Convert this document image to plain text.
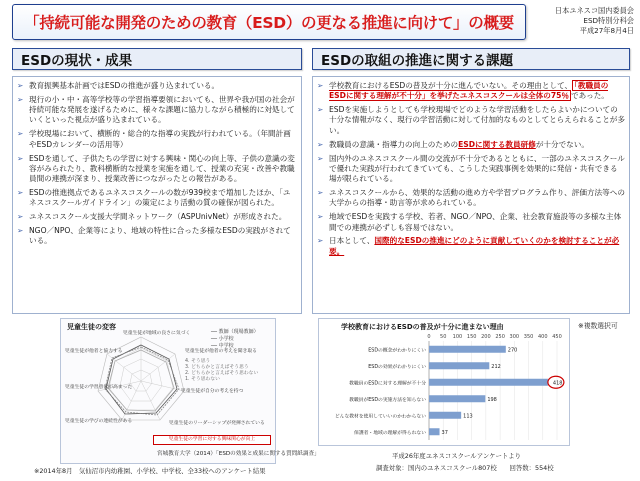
「持続可能な開発のための教育（ESD）の更なる推進に向けて」の概要
日本ユネスコ国内委員会
ESD特別分科会
平成27年8月4日
ESDの現状・成果
➢ 教育振興基本計画ではESDの推進が盛り込まれている。
➢ 現行の小・中・高等学校等の学習指導要領においても、世界や我が国の社会が持続可能な発展を遂げるために、様々な課題に協力しながら積極的に対処していくといった視点が盛り込まれている。
➢ 学校現場において、横断的・総合的な指導の実践が行われている。（年間計画やESDカレンダーの活用等）
➢ ESDを通して、子供たちの学習に対する興味・関心の向上等、子供の意識の変容がみられたり、教科横断的な授業を実施を通して、授業の充実・改善や教職員間の連携が深まり、授業改善につながったとの報告がある。
➢ ESDの推進拠点であるユネスコスクールの数が939校まで増加したほか、「ユネスコスクールガイドライン」の策定により活動の質の確保が図られた。
➢ ユネスコスクール支援大学間ネットワーク（ASPUnivNet）が形成された。
➢ NGO／NPO、企業等により、地域の特性に合った多様なESDの実践がされている。
ESDの取組の推進に関する課題
➢ 学校教育におけるESDの普及が十分に進んでいない。その理由として、 「教職員のESDに関する理解が不十分」を挙げたユネスコスクールは全体の75％ であった。
➢ ESDを実施しようとしても学校現場でどのような学習活動をしたらよいかについての十分な情報がなく、現行の学習活動に対して付加的なものとしてとらえられることが多い。
➢ 教職員の意識・指導力の向上のためのESDに関する教員研修が十分でない。
➢ 国内外のユネスコスクール間の交流が不十分であるとともに、一部のユネスコスクールで優れた実践が行われてきていても、こうした実践事例を効果的に発信・共有できる場が限られている。
➢ ユネスコスクールから、効果的な活動の進め方や学習プログラム作り、評価方法等への大学からの指導・助言等が求められている。
➢ 地域でESDを実践する学校、若者、NGO／NPO、企業、社会教育施設等の多様な主体間での連携が必ずしも容易ではない。
➢ 日本として、国際的なESDの推進にどのように貢献していくのかを検討することが必要。
児童生徒の変容
児童生徒が地域の良さに気づく
児童生徒が他者と協力する
児童生徒の学習意欲が高まった
児童生徒の学びの連続性がある
児童生徒が自分の考えを持つ
児童生徒のリーダーシップが発揮されている
児童生徒が他者の考えを聞き取る
4. そう思う
3. どちらかと言えばそう思う
2. どちらかと言えばそう思わない
1. そう思わない
── 教師（現場教師）
── 小学校
── 中学校
児童生徒の学習に対する興味関心が向上
宮城教育大学（2014）「ESDの効果と成果に関する質問紙調査」
※2014年8月　気仙沼市内幼稚園、小学校、中学校、全33校へのアンケート結果
学校教育におけるESDの普及が十分に進まない理由
0 50 100 150 200 250 300 350 400 450
ESDの概念がわかりにくい	270
ESDの効果がわかりにくい	212
教職員のESDに対する理解が不十分	418
教職員がESDの実施方法を知らない	198
どんな教材を使用していいのかわからない	113
保護者・地域の理解が得られない	37
※複数選択可
平成26年度ユネスコスクールアンケートより
調査対象：国内のユネスコスクール807校　　回答数：554校
